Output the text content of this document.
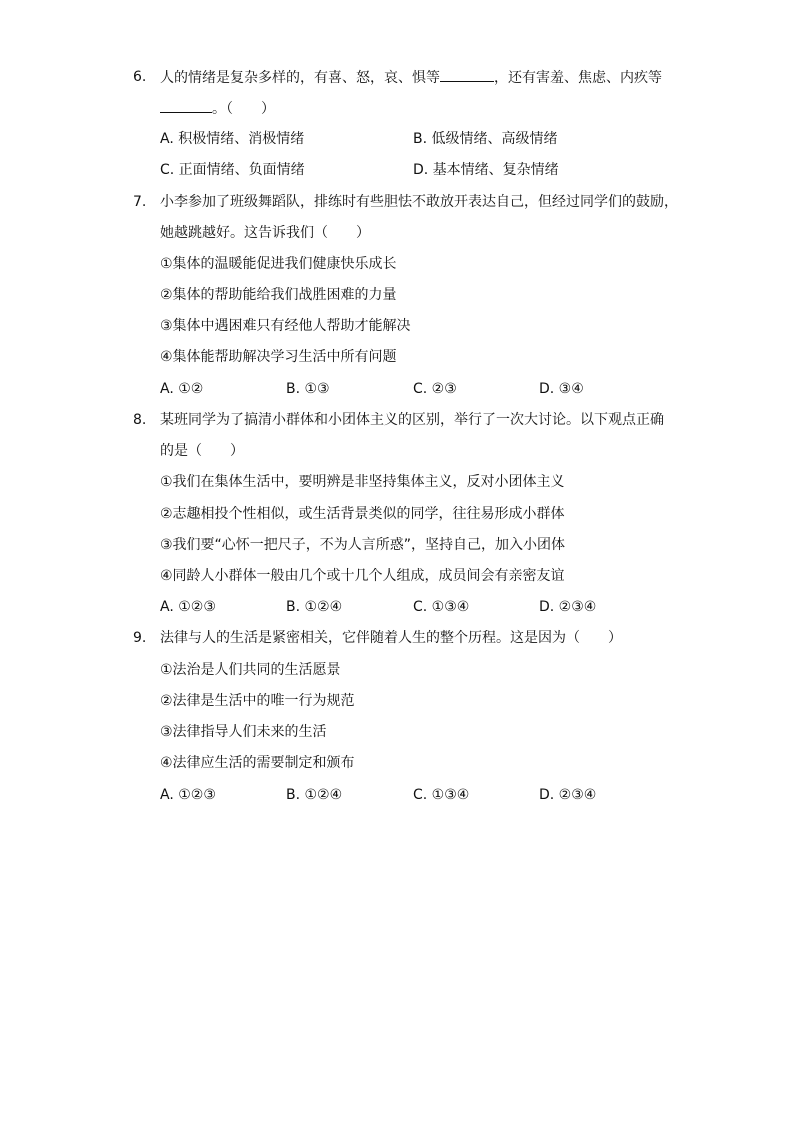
6. 人的情绪是复杂多样的，有喜、怒，哀、惧等	，还有害羞、焦虑、内疚等
。（　　）
A. 积极情绪、消极情绪	B. 低级情绪、高级情绪
C. 正面情绪、负面情绪	D. 基本情绪、复杂情绪
7. 小李参加了班级舞蹈队，排练时有些胆怯不敢放开表达自己，但经过同学们的鼓励，
她越跳越好。这告诉我们（　　）
①集体的温暖能促进我们健康快乐成长
②集体的帮助能给我们战胜困难的力量
③集体中遇困难只有经他人帮助才能解决
④集体能帮助解决学习生活中所有问题
A. ①②	B. ①③	C. ②③	D. ③④
8. 某班同学为了搞清小群体和小团体主义的区别，举行了一次大讨论。以下观点正确
的是（　　）
①我们在集体生活中，要明辨是非坚持集体主义，反对小团体主义
②志趣相投个性相似，或生活背景类似的同学，往往易形成小群体
③我们要“心怀一把尺子，不为人言所惑”，坚持自己，加入小团体
④同龄人小群体一般由几个或十几个人组成，成员间会有亲密友谊
A. ①②③	B. ①②④	C. ①③④	D. ②③④
9. 法律与人的生活是紧密相关，它伴随着人生的整个历程。这是因为（　　）
①法治是人们共同的生活愿景
②法律是生活中的唯一行为规范
③法律指导人们未来的生活
④法律应生活的需要制定和颁布
A. ①②③	B. ①②④	C. ①③④	D. ②③④
